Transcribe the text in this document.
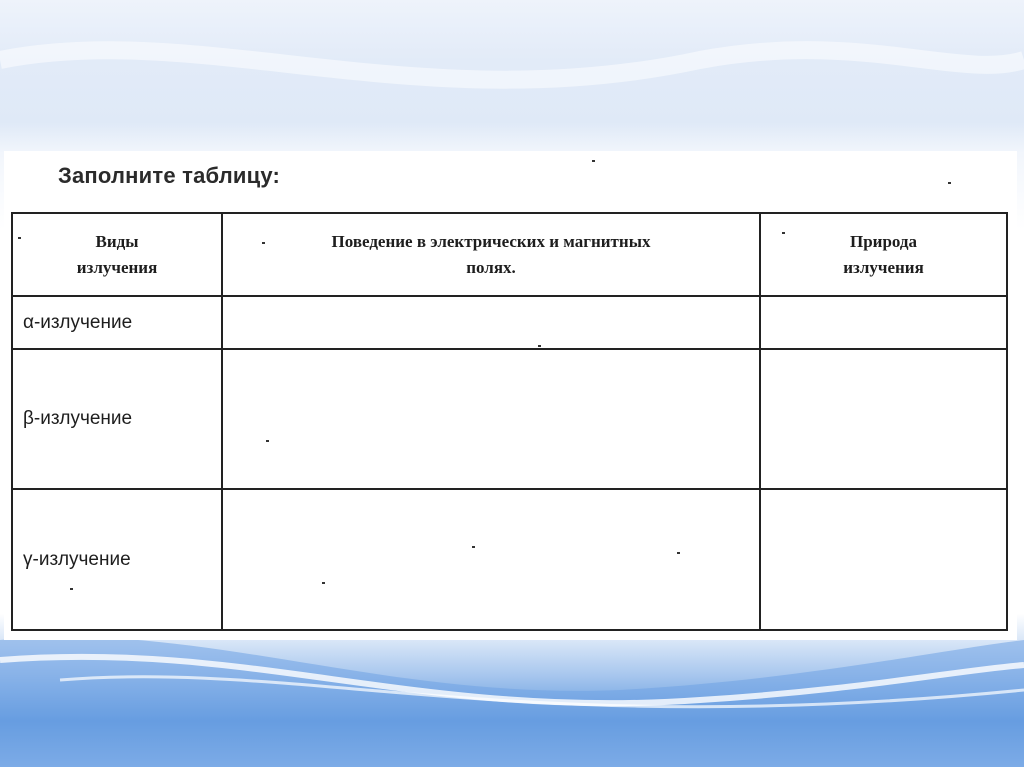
Заполните таблицу:
Виды излучения	Поведение в электрических и магнитных полях.	Природа излучения

α-излучение		
β-излучение		
γ-излучение		
